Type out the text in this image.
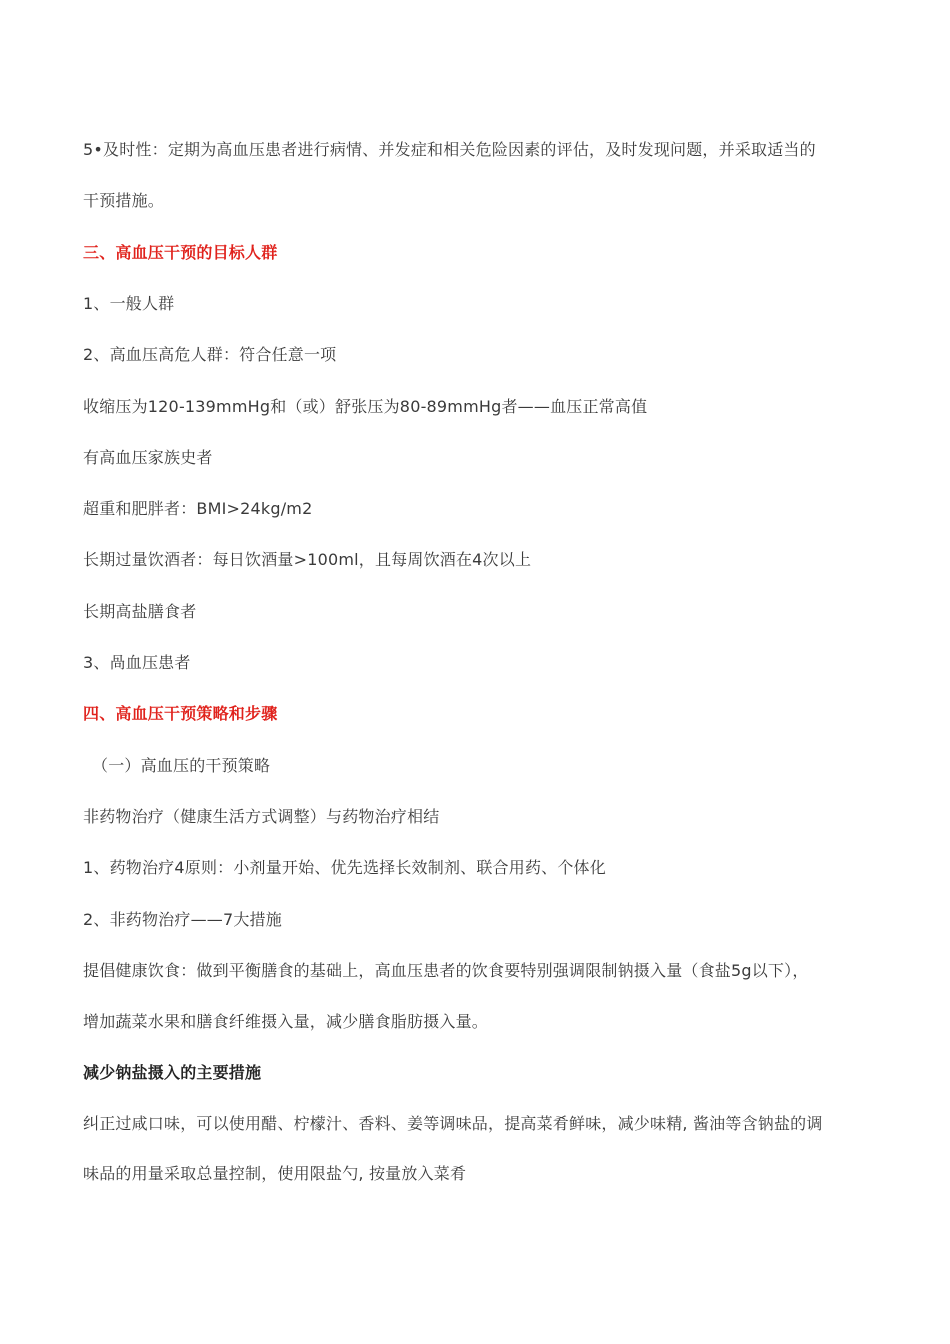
5•及时性：定期为高血压患者进行病情、并发症和相关危险因素的评估，及时发现问题，并采取适当的
干预措施。
三、高血压干预的目标人群
1、一般人群
2、高血压高危人群：符合任意一项
收缩压为120-139mmHg和（或）舒张压为80-89mmHg者——血压正常高值
有高血压家族史者
超重和肥胖者：BMI>24kg/m2
长期过量饮酒者：每日饮酒量>100ml，且每周饮酒在4次以上
长期高盐膳食者
3、咼血压患者
四、高血压干预策略和步骤
（一）高血压的干预策略
非药物治疗（健康生活方式调整）与药物治疗相结
1、药物治疗4原则：小剂量开始、优先选择长效制剂、联合用药、个体化
2、非药物治疗——7大措施
提倡健康饮食：做到平衡膳食的基础上，高血压患者的饮食要特别强调限制钠摄入量（食盐5g以下），
增加蔬菜水果和膳食纤维摄入量，减少膳食脂肪摄入量。
减少钠盐摄入的主要措施
纠正过咸口味，可以使用醋、柠檬汁、香料、姜等调味品，提高菜肴鲜味，减少味精, 酱油等含钠盐的调
味品的用量采取总量控制，使用限盐勺, 按量放入菜肴
